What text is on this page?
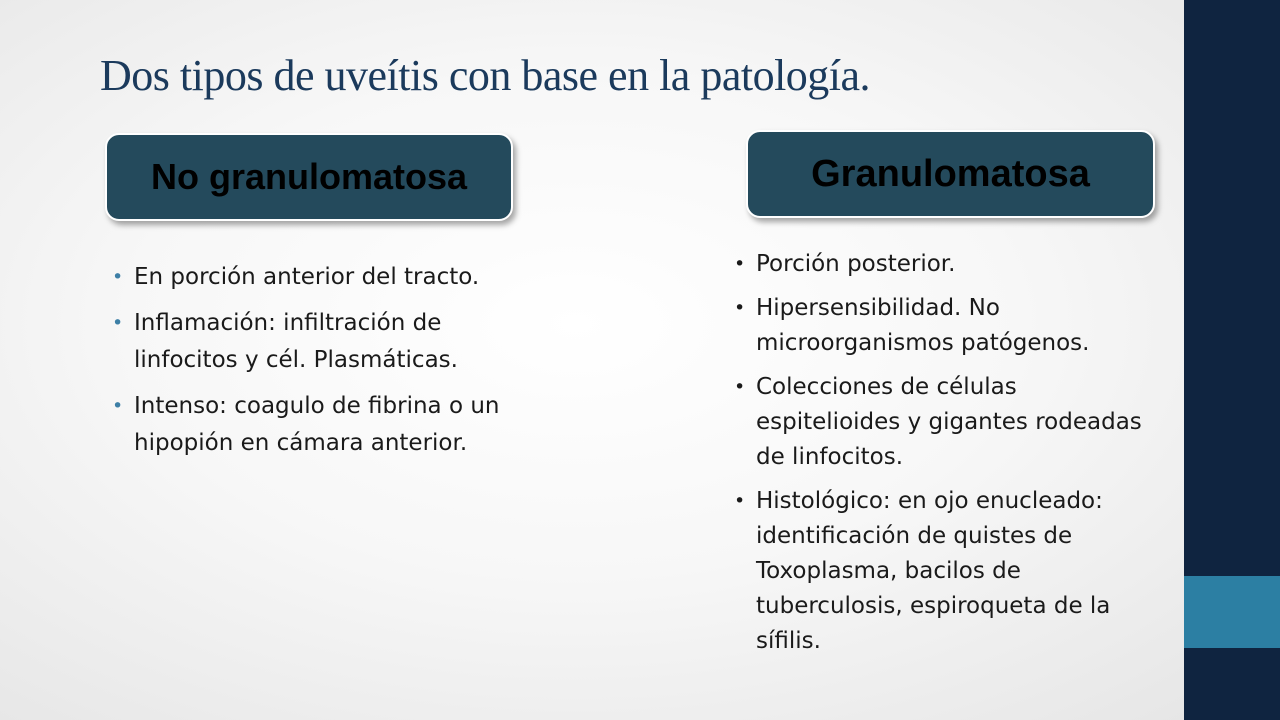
Dos tipos de uveítis con base en la patología.
No granulomatosa	Granulomatosa
• En porción anterior del tracto.
• Inflamación: infiltración de linfocitos y cél. Plasmáticas.
• Intenso: coagulo de fibrina o un hipopión en cámara anterior.
• Porción posterior.
• Hipersensibilidad. No microorganismos patógenos.
• Colecciones de células espitelioides y gigantes rodeadas de linfocitos.
• Histológico: en ojo enucleado: identificación de quistes de Toxoplasma, bacilos de tuberculosis, espiroqueta de la sífilis.
